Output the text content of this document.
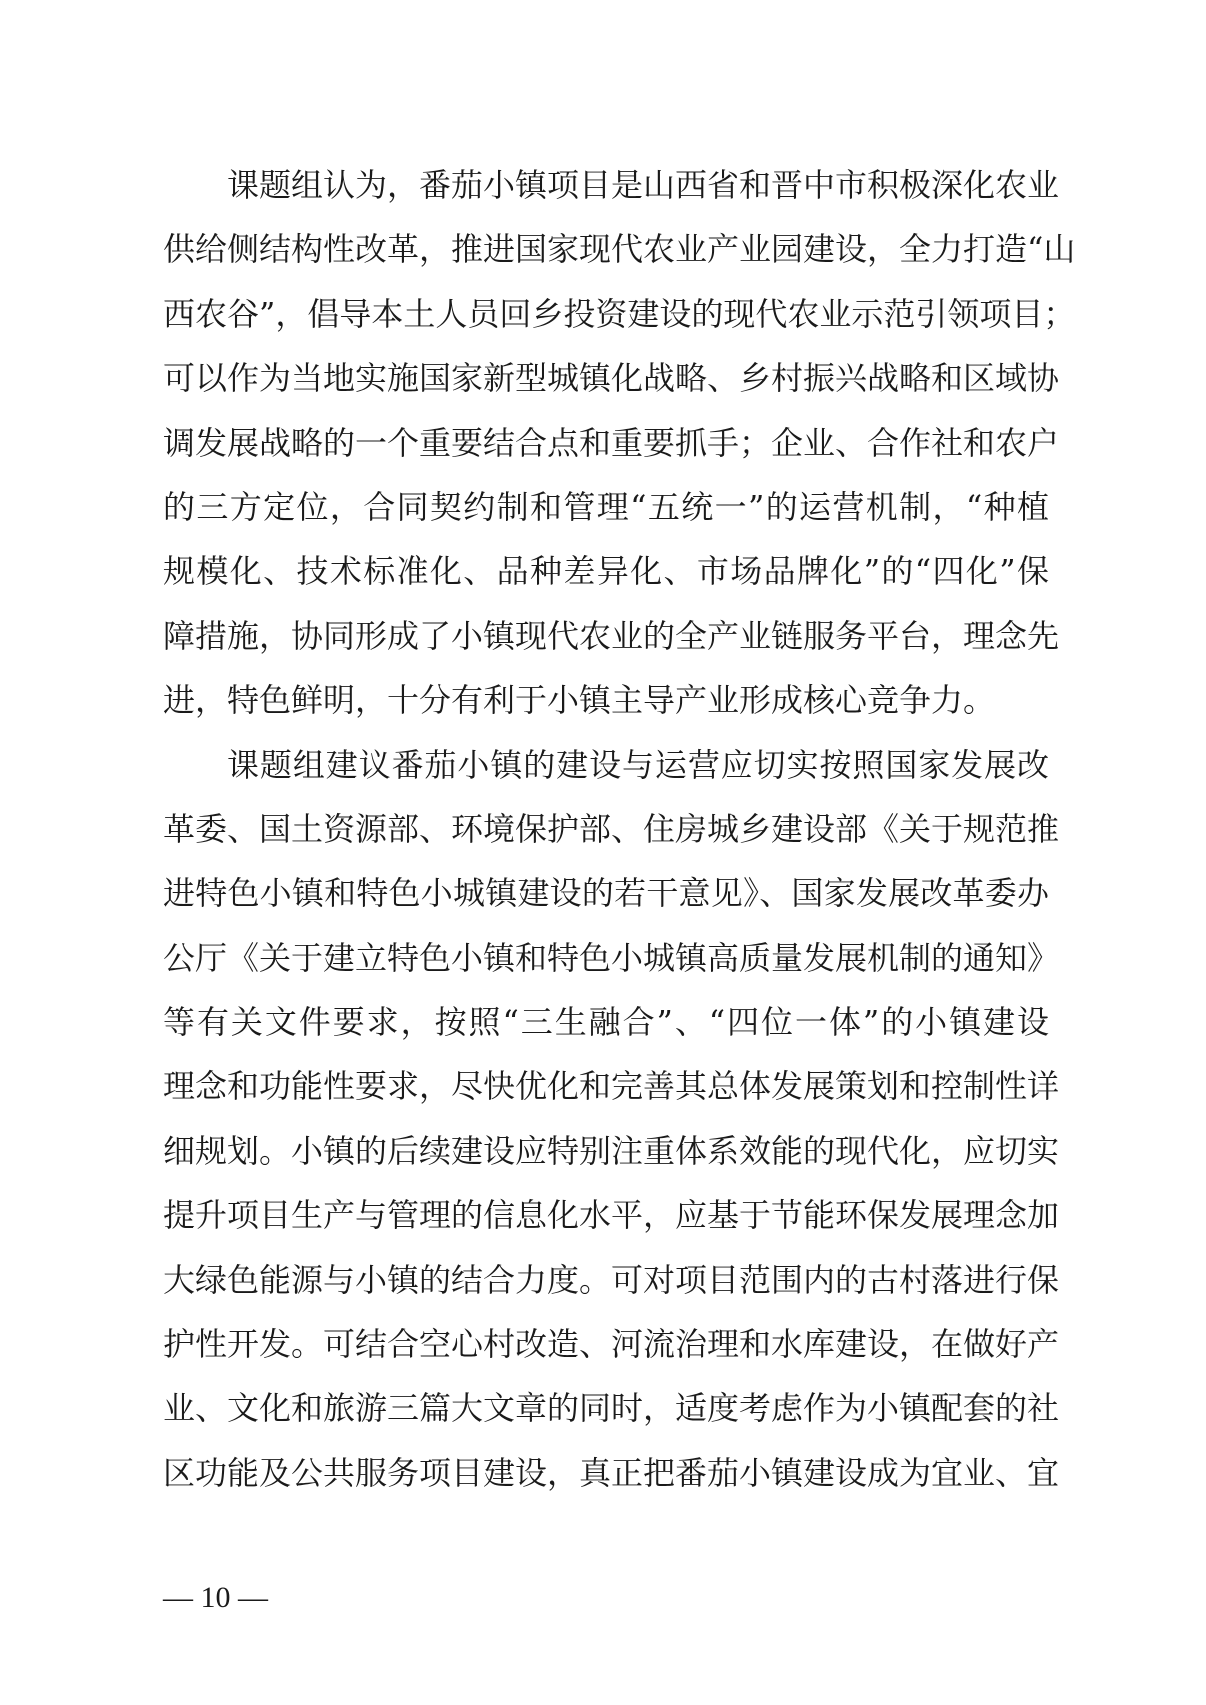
课题组认为，番茄小镇项目是山西省和晋中市积极深化农业
供给侧结构性改革，推进国家现代农业产业园建设，全力打造“山
西农谷”，倡导本土人员回乡投资建设的现代农业示范引领项目；
可以作为当地实施国家新型城镇化战略、乡村振兴战略和区域协
调发展战略的一个重要结合点和重要抓手；企业、合作社和农户
的三方定位，合同契约制和管理“五统一”的运营机制，“种植
规模化、技术标准化、品种差异化、市场品牌化”的“四化”保
障措施，协同形成了小镇现代农业的全产业链服务平台，理念先
进，特色鲜明，十分有利于小镇主导产业形成核心竞争力。
课题组建议番茄小镇的建设与运营应切实按照国家发展改
革委、国土资源部、环境保护部、住房城乡建设部《关于规范推
进特色小镇和特色小城镇建设的若干意见》、国家发展改革委办
公厅《关于建立特色小镇和特色小城镇高质量发展机制的通知》
等有关文件要求，按照“三生融合”、“四位一体”的小镇建设
理念和功能性要求，尽快优化和完善其总体发展策划和控制性详
细规划。小镇的后续建设应特别注重体系效能的现代化，应切实
提升项目生产与管理的信息化水平，应基于节能环保发展理念加
大绿色能源与小镇的结合力度。可对项目范围内的古村落进行保
护性开发。可结合空心村改造、河流治理和水库建设，在做好产
业、文化和旅游三篇大文章的同时，适度考虑作为小镇配套的社
区功能及公共服务项目建设，真正把番茄小镇建设成为宜业、宜
— 10 —
